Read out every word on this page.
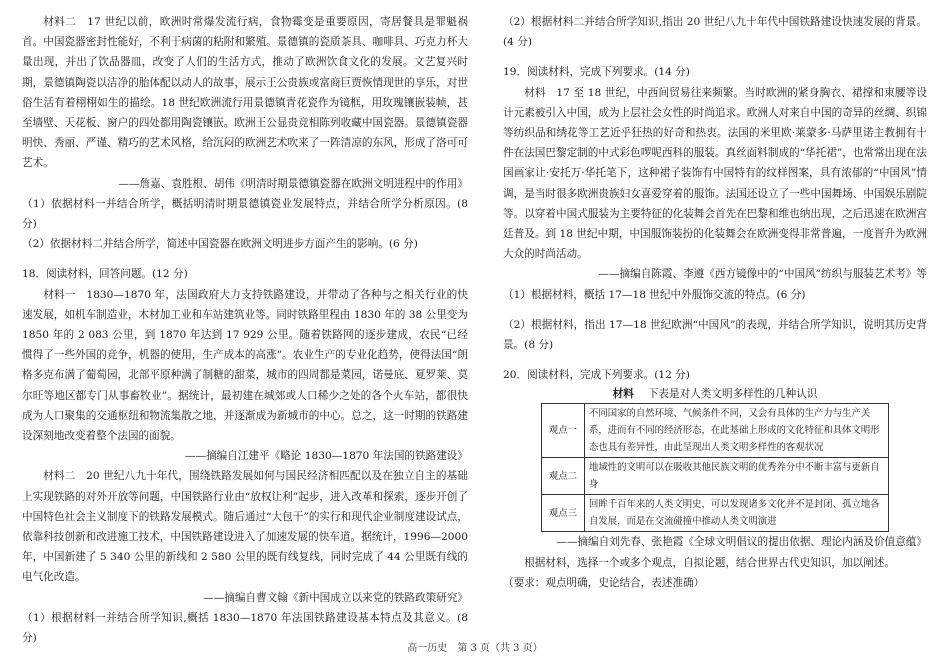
材料二　17 世纪以前，欧洲时常爆发流行病，食物霉变是重要原因，寄居餐具是罪魁祸首。中国瓷器密封性能好，不利于病菌的粘附和繁殖。景德镇的瓷质茶具、咖啡具、巧克力杯大量出现，并出了饮品器皿，改变了人们的生活方式，推动了欧洲饮食文化的发展。文艺复兴时期，景德镇陶瓷以洁净的胎体配以动人的故事，展示王公贵族或富商巨贾恢情现世的享乐，对世俗生活有着栩栩如生的描绘。18 世纪欧洲流行用景德镇青花瓷作为镜框，用玫瑰镶嵌装帧，甚至墙壁、天花板、窗户的四处都用陶瓷镶嵌。欧洲王公显贵竞相陈列收藏中国瓷器。景德镇瓷器明快、秀丽、严谨、精巧的艺术风格，给沉闷的欧洲艺术吹来了一阵清凉的东风，形成了洛可可艺术。

——詹嘉、袁胜根、胡伟《明清时期景德镇瓷器在欧洲文明进程中的作用》

（1）依据材料一并结合所学，概括明清时期景德镇瓷业发展特点，并结合所学分析原因。(8 分)

（2）依据材料二并结合所学，简述中国瓷器在欧洲文明进步方面产生的影响。(6 分)

18．阅读材料，回答问题。(12 分)

材料一　1830—1870 年，法国政府大力支持铁路建设，并带动了各种与之相关行业的快速发展，如机车制造业，木材加工业和车站建筑业等。同时铁路里程由 1830 年的 38 公里变为 1850 年的 2 083 公里，到 1870 年达到 17 929 公里。随着铁路网的逐步建成，农民“已经惯得了一些外国的竞争，机器的使用，生产成本的高涨”。农业生产的专业化趋势，使得法国“朗格多克布满了葡萄园，北部平原种满了制糖的甜菜，城市的四周都是菜园，诺曼底、夏罗莱、莫尔旺等地区都专门从事畜牧业”。据统计，最初建在城郊或人口稀少之处的各个火车站，都很快成为人口聚集的交通枢纽和物流集散之地，并逐渐成为新城市的中心。总之，这一时期的铁路建设深刻地改变着整个法国的面貌。

——摘编自江建平《略论 1830—1870 年法国的铁路建设》

材料二　20 世纪八九十年代，围绕铁路发展如何与国民经济相匹配以及在独立自主的基础上实现铁路的对外开放等问题，中国铁路行业由“放权让利”起步，进入改革和探索，逐步开创了中国特色社会主义制度下的铁路发展模式。随后通过“大包干”的实行和现代企业制度建设试点，依靠科技创新和改进施工技术，中国铁路建设进入了加速发展的快车道。据统计，1996—2000 年，中国新建了 5 340 公里的新线和 2 580 公里的既有线复线，同时完成了 44 公里既有线的电气化改造。

——摘编自曹文翰《新中国成立以来党的铁路政策研究》

（1）根据材料一并结合所学知识,概括 1830—1870 年法国铁路建设基本特点及其意义。(8 分)

（2）根据材料二并结合所学知识,指出 20 世纪八九十年代中国铁路建设快速发展的背景。(4 分)

19．阅读材料，完成下列要求。(14 分)

材料　17 至 18 世纪，中西间贸易往来频繁。当时欧洲的紧身胸衣、裙撑和束腰等设计元素被引入中国，成为上层社会女性的时尚追求。欧洲人对来自中国的奇异的丝绸、织锦等纺织品和绣花等工艺近乎狂热的好奇和热衷。法国的米里欧·莱蒙多·马萨里诺主教拥有十件在法国巴黎定制的中式彩色啰呢西科的服装。真丝面料制成的“华托裙”，也常常出现在法国画家让·安托万·华托笔下，这种裙子装饰有中国特有的纹样图案，具有浓郁的“中国风”情调，是当时很多欧洲贵族妇女喜爱穿着的服饰。法国还设立了一些中国舞场、中国娱乐剧院等。以穿着中国式服装为主要特征的化装舞会首先在巴黎和维也纳出现，之后迅速在欧洲宫廷普及。到 18 世纪中期，中国服饰装扮的化装舞会在欧洲变得非常普遍，一度晋升为欧洲大众的时尚活动。

——摘编自陈霞、李遵《西方镜像中的“中国风”纺织与服装艺术考》等

（1）根据材料，概括 17—18 世纪中外服饰交流的特点。(6 分)

（2）根据材料，指出 17—18 世纪欧洲“中国风”的表现，并结合所学知识，说明其历史背景。(8 分)

20．阅读材料，完成下列要求。(12 分)

材料 下表是对人类文明多样性的几种认识
观点一	不同国家的自然环境、气候条件不同，又会有具体的生产力与生产关系，进而有不同的经济形态，在此基础上形成的文化特征和具体文明形态也具有差异性，由此呈现出人类文明多样性的客观状况
观点二	地域性的文明可以在吸收其他民族文明的优秀养分中不断丰富与更新自身
观点三	回眸千百年来的人类文明史，可以发现诸多文化并不是封闭、孤立地各自发展，而是在交流碰撞中推动人类文明演进

——摘编自刘先春、张艳霞《全球文明倡议的提出依据、理论内涵及价值意蕴》

根据材料，选择一个或多个观点，自拟论题，结合世界古代史知识，加以阐述。

（要求：观点明确，史论结合，表述准确）

高一历史　第 3 页（共 3 页）
